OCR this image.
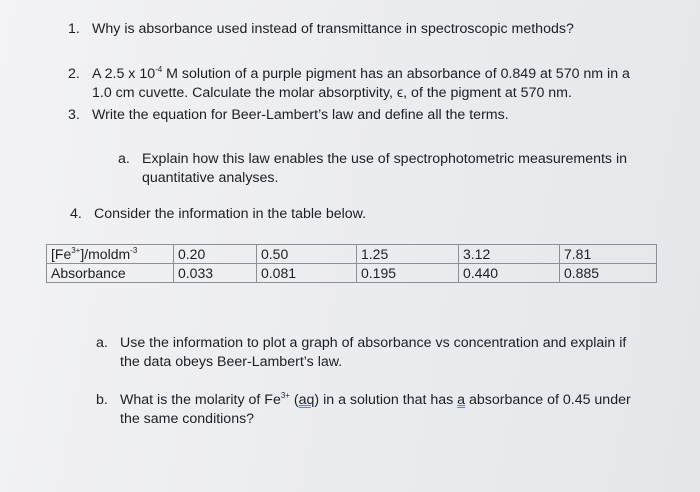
1. Why is absorbance used instead of transmittance in spectroscopic methods?
2. A 2.5 x $10^{-4}$ M solution of a purple pigment has an absorbance of 0.849 at 570 nm in a
1.0 cm cuvette. Calculate the molar absorptivity, ϵ, of the pigment at 570 nm.
3. Write the equation for Beer-Lambert’s law and define all the terms.
a. Explain how this law enables the use of spectrophotometric measurements in
quantitative analyses.
4. Consider the information in the table below.
$[Fe^{3+}]/moldm^{-3}$	0.20	0.50	1.25	3.12	7.81
Absorbance	0.033	0.081	0.195	0.440	0.885
a. Use the information to plot a graph of absorbance vs concentration and explain if
the data obeys Beer-Lambert’s law.
b. What is the molarity of $Fe^{3+}$ (aq) in a solution that has a absorbance of 0.45 under
the same conditions?
